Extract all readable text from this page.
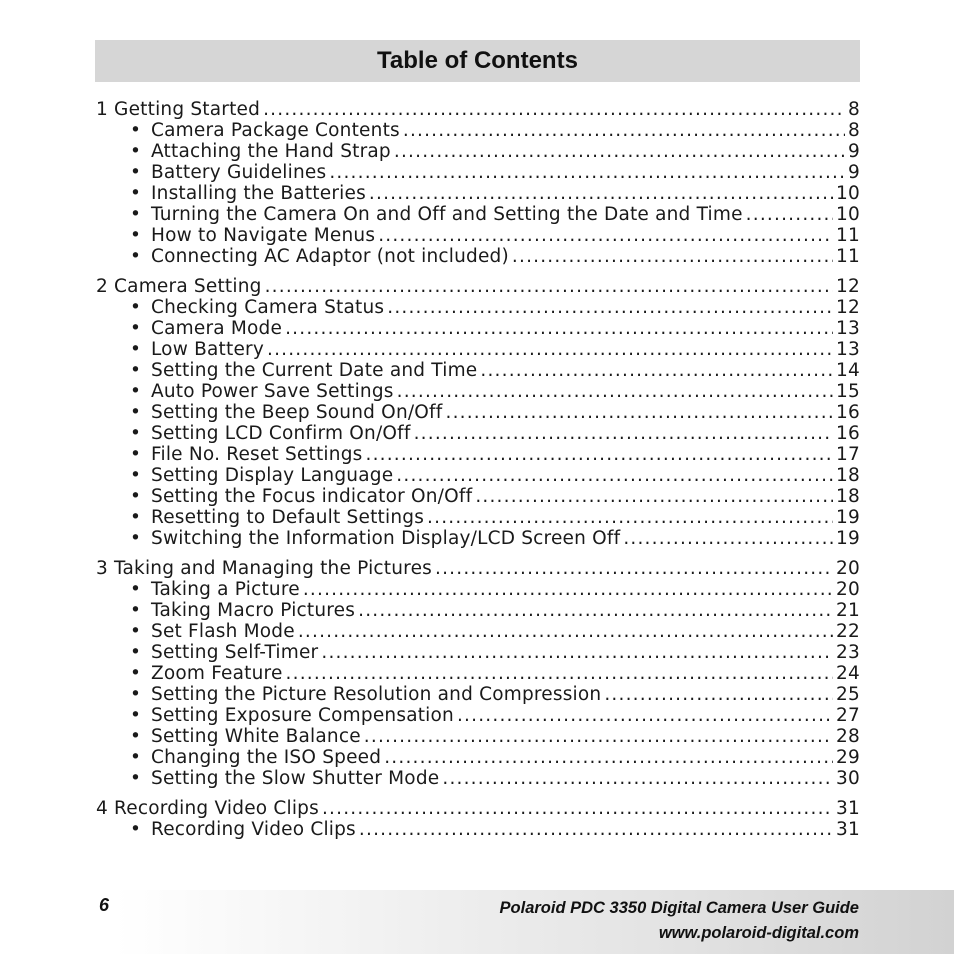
Table of Contents
1 Getting Started .....	8
• Camera Package Contents .....	8
• Attaching the Hand Strap .....	9
• Battery Guidelines .....	9
• Installing the Batteries .....	10
• Turning the Camera On and Off and Setting the Date and Time .....	10
• How to Navigate Menus .....	11
• Connecting AC Adaptor (not included) .....	11
2 Camera Setting .....	12
• Checking Camera Status .....	12
• Camera Mode .....	13
• Low Battery .....	13
• Setting the Current Date and Time .....	14
• Auto Power Save Settings .....	15
• Setting the Beep Sound On/Off .....	16
• Setting LCD Confirm On/Off .....	16
• File No. Reset Settings .....	17
• Setting Display Language .....	18
• Setting the Focus indicator On/Off .....	18
• Resetting to Default Settings .....	19
• Switching the Information Display/LCD Screen Off .....	19
3 Taking and Managing the Pictures .....	20
• Taking a Picture .....	20
• Taking Macro Pictures .....	21
• Set Flash Mode .....	22
• Setting Self-Timer .....	23
• Zoom Feature .....	24
• Setting the Picture Resolution and Compression .....	25
• Setting Exposure Compensation .....	27
• Setting White Balance .....	28
• Changing the ISO Speed .....	29
• Setting the Slow Shutter Mode .....	30
4 Recording Video Clips .....	31
• Recording Video Clips .....	31
6	Polaroid PDC 3350 Digital Camera User Guide
www.polaroid-digital.com
